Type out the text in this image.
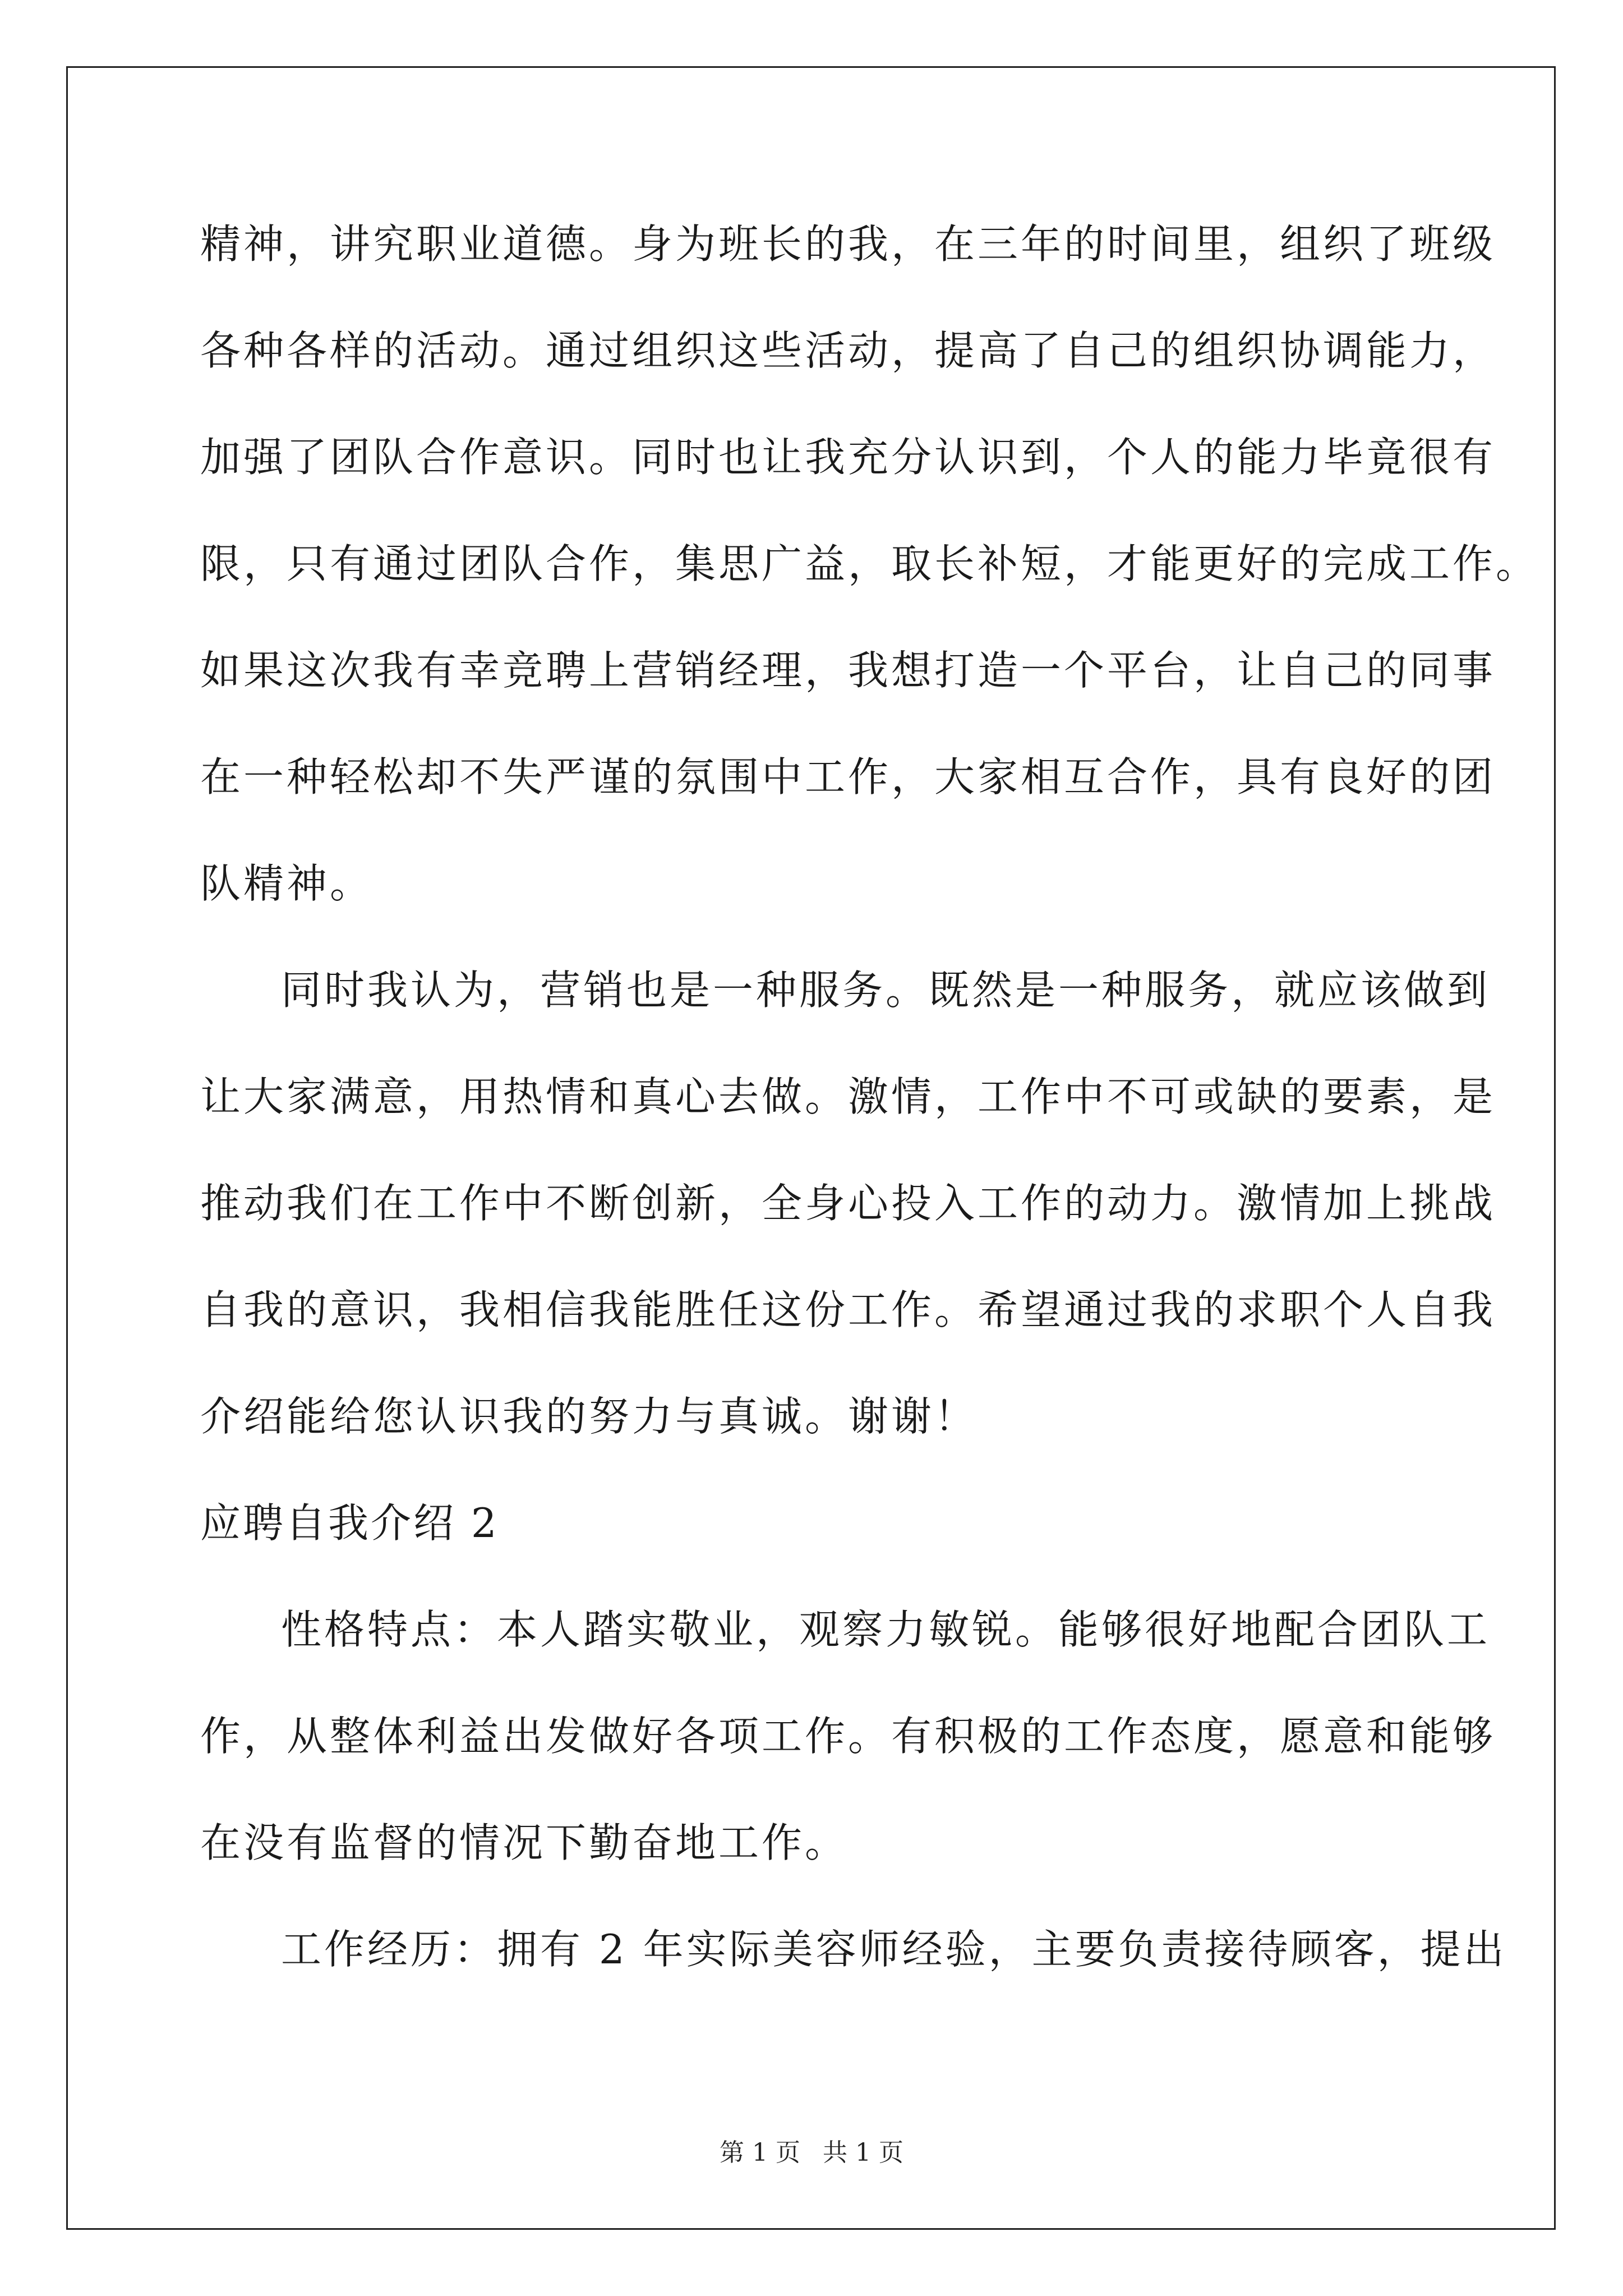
精神，讲究职业道德。身为班长的我，在三年的时间里，组织了班级
各种各样的活动。通过组织这些活动，提高了自己的组织协调能力，
加强了团队合作意识。同时也让我充分认识到，个人的能力毕竟很有
限，只有通过团队合作，集思广益，取长补短，才能更好的完成工作。
如果这次我有幸竞聘上营销经理，我想打造一个平台，让自己的同事
在一种轻松却不失严谨的氛围中工作，大家相互合作，具有良好的团
队精神。
同时我认为，营销也是一种服务。既然是一种服务，就应该做到
让大家满意，用热情和真心去做。激情，工作中不可或缺的要素，是
推动我们在工作中不断创新，全身心投入工作的动力。激情加上挑战
自我的意识，我相信我能胜任这份工作。希望通过我的求职个人自我
介绍能给您认识我的努力与真诚。谢谢！
应聘自我介绍 2
性格特点：本人踏实敬业，观察力敏锐。能够很好地配合团队工
作，从整体利益出发做好各项工作。有积极的工作态度，愿意和能够
在没有监督的情况下勤奋地工作。
工作经历：拥有 2 年实际美容师经验，主要负责接待顾客，提出
第 1 页 共 1 页
